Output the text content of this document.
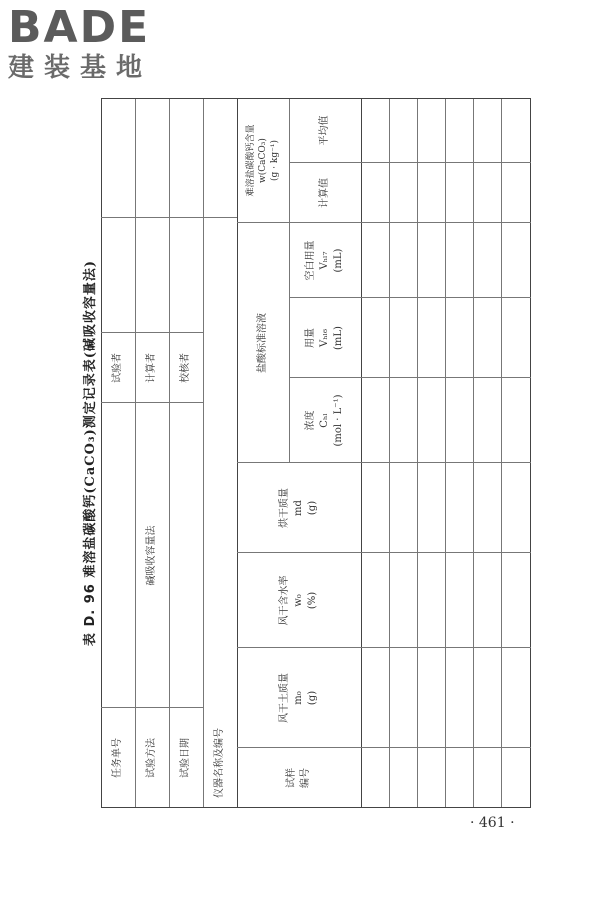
BADE
建装基地
表 D. 96 难溶盐碳酸钙(CaCO₃)测定记录表(碱吸收容量法)
任务单号
试验者
试验方法
碱吸收容量法
计算者
试验日期
校核者
仪器名称及编号	试样
编号
风干土质量
m₀
(g)
风干含水率
w₀
(%)
烘干质量
md
(g)
盐酸标准溶液
浓度
Cₕₗ
(mol · L⁻¹)
用量
Vₕₗ₆
(mL)
空白用量
Vₕₗ₇
(mL)
难溶盐碳酸钙含量
w(CaCO₃)
(g · kg⁻¹)
计算值
平均值
· 461 ·
